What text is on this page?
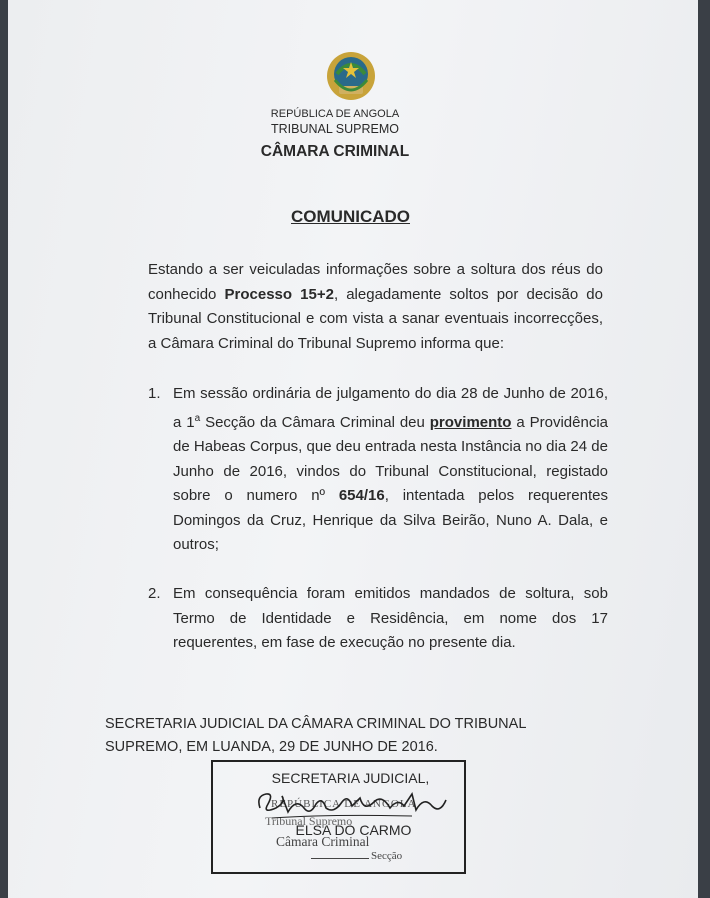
REPÚBLICA DE ANGOLA
TRIBUNAL SUPREMO
CÂMARA CRIMINAL
COMUNICADO
Estando a ser veiculadas informações sobre a soltura dos réus do conhecido Processo 15+2, alegadamente soltos por decisão do Tribunal Constitucional e com vista a sanar eventuais incorrecções, a Câmara Criminal do Tribunal Supremo informa que:
1. Em sessão ordinária de julgamento do dia 28 de Junho de 2016, a 1$^a$ Secção da Câmara Criminal deu provimento a Providência de Habeas Corpus, que deu entrada nesta Instância no dia 24 de Junho de 2016, vindos do Tribunal Constitucional, registado sobre o numero nº 654/16, intentada pelos requerentes Domingos da Cruz, Henrique da Silva Beirão, Nuno A. Dala, e outros;
2. Em consequência foram emitidos mandados de soltura, sob Termo de Identidade e Residência, em nome dos 17 requerentes, em fase de execução no presente dia.
SECRETARIA JUDICIAL DA CÂMARA CRIMINAL DO TRIBUNAL SUPREMO, EM LUANDA, 29 DE JUNHO DE 2016.
SECRETARIA JUDICIAL,
REPÚBLICA DE ANGOLA
Tribunal Supremo
ELSA DO CARMO
Câmara Criminal
Secção
